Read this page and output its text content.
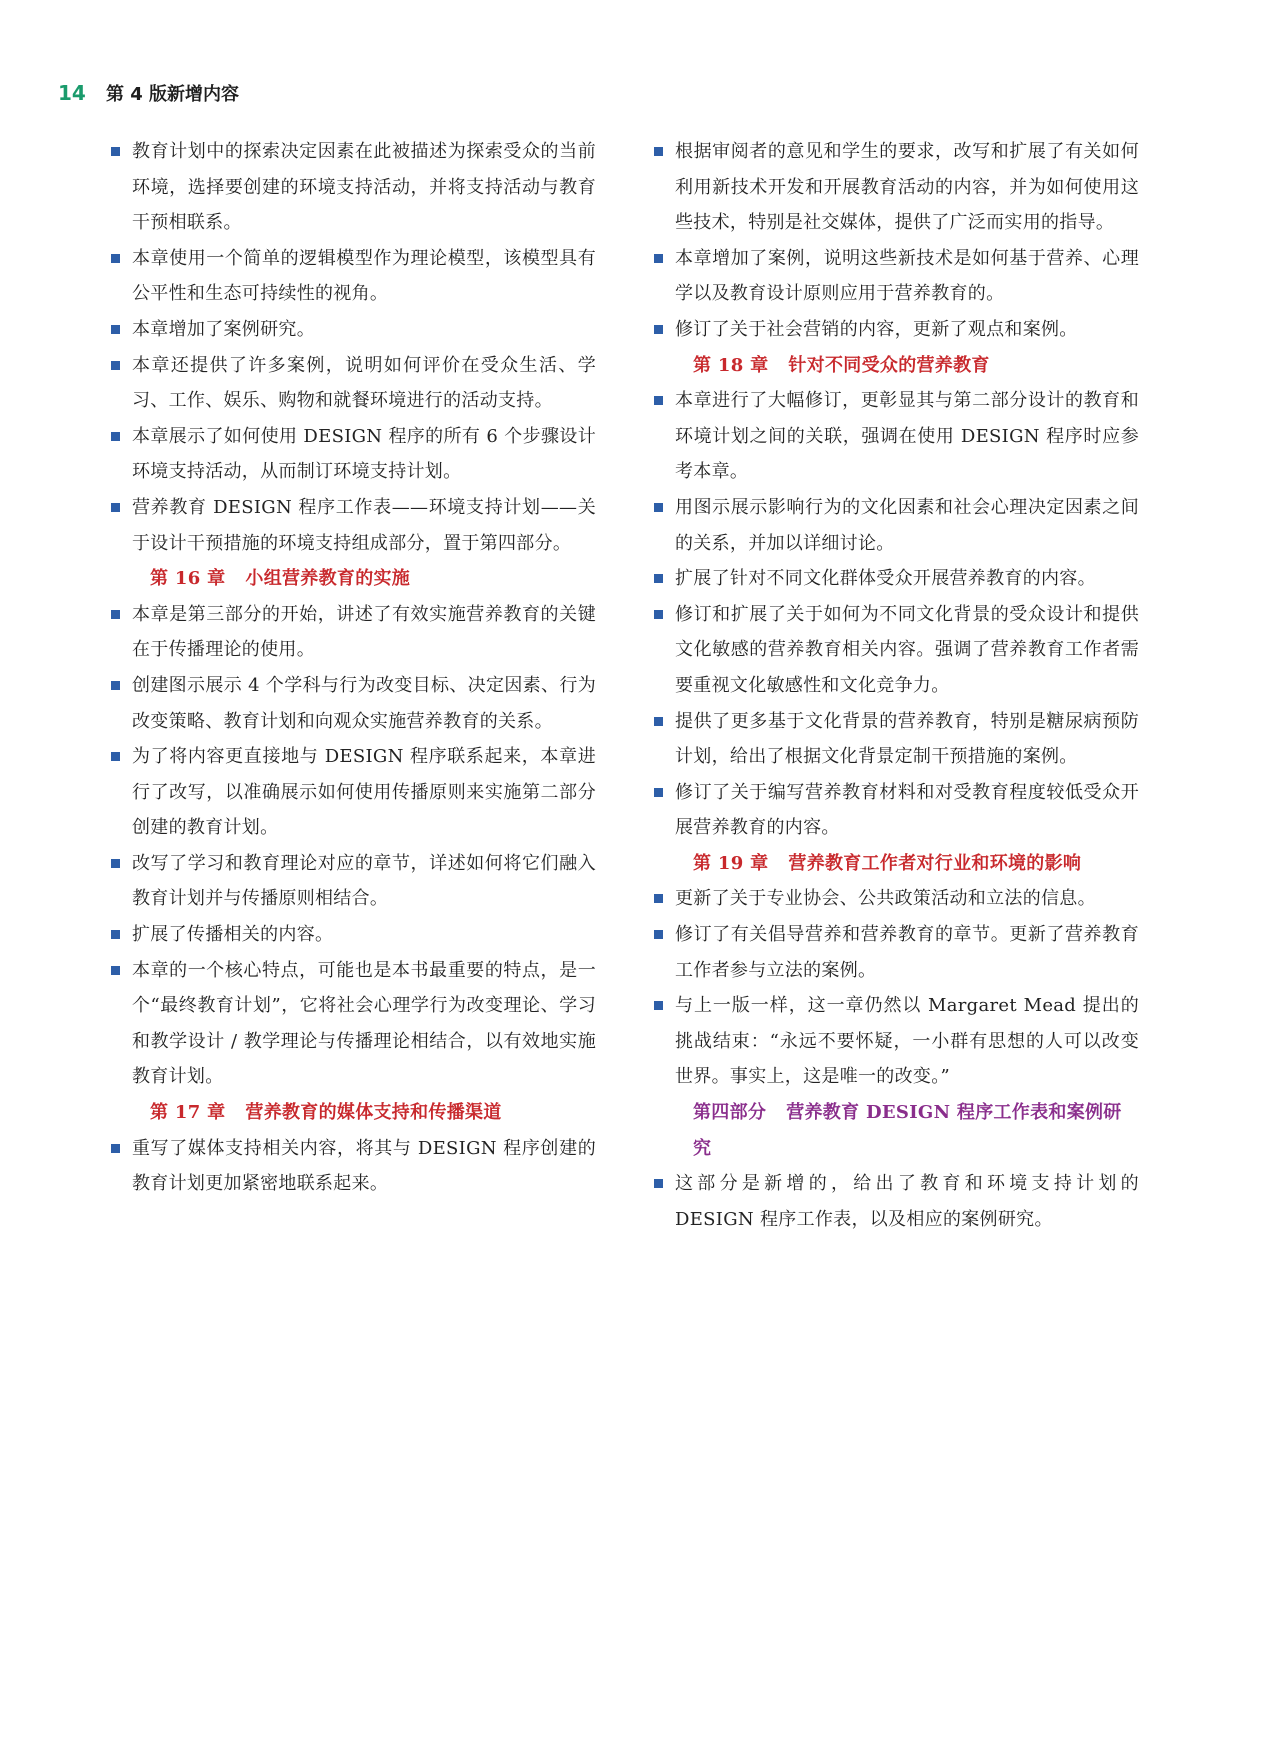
14	第 4 版新增内容
教育计划中的探索决定因素在此被描述为探索受众的当前环境，选择要创建的环境支持活动，并将支持活动与教育干预相联系。
本章使用一个简单的逻辑模型作为理论模型，该模型具有公平性和生态可持续性的视角。
本章增加了案例研究。
本章还提供了许多案例，说明如何评价在受众生活、学习、工作、娱乐、购物和就餐环境进行的活动支持。
本章展示了如何使用 DESIGN 程序的所有 6 个步骤设计环境支持活动，从而制订环境支持计划。
营养教育 DESIGN 程序工作表——环境支持计划——关于设计干预措施的环境支持组成部分，置于第四部分。
第 16 章 小组营养教育的实施
本章是第三部分的开始，讲述了有效实施营养教育的关键在于传播理论的使用。
创建图示展示 4 个学科与行为改变目标、决定因素、行为改变策略、教育计划和向观众实施营养教育的关系。
为了将内容更直接地与 DESIGN 程序联系起来，本章进行了改写，以准确展示如何使用传播原则来实施第二部分创建的教育计划。
改写了学习和教育理论对应的章节，详述如何将它们融入教育计划并与传播原则相结合。
扩展了传播相关的内容。
本章的一个核心特点，可能也是本书最重要的特点，是一个“最终教育计划”，它将社会心理学行为改变理论、学习和教学设计 / 教学理论与传播理论相结合，以有效地实施教育计划。
第 17 章 营养教育的媒体支持和传播渠道
重写了媒体支持相关内容，将其与 DESIGN 程序创建的教育计划更加紧密地联系起来。
根据审阅者的意见和学生的要求，改写和扩展了有关如何利用新技术开发和开展教育活动的内容，并为如何使用这些技术，特别是社交媒体，提供了广泛而实用的指导。
本章增加了案例，说明这些新技术是如何基于营养、心理学以及教育设计原则应用于营养教育的。
修订了关于社会营销的内容，更新了观点和案例。
第 18 章 针对不同受众的营养教育
本章进行了大幅修订，更彰显其与第二部分设计的教育和环境计划之间的关联，强调在使用 DESIGN 程序时应参考本章。
用图示展示影响行为的文化因素和社会心理决定因素之间的关系，并加以详细讨论。
扩展了针对不同文化群体受众开展营养教育的内容。
修订和扩展了关于如何为不同文化背景的受众设计和提供文化敏感的营养教育相关内容。强调了营养教育工作者需要重视文化敏感性和文化竞争力。
提供了更多基于文化背景的营养教育，特别是糖尿病预防计划，给出了根据文化背景定制干预措施的案例。
修订了关于编写营养教育材料和对受教育程度较低受众开展营养教育的内容。
第 19 章 营养教育工作者对行业和环境的影响
更新了关于专业协会、公共政策活动和立法的信息。
修订了有关倡导营养和营养教育的章节。更新了营养教育工作者参与立法的案例。
与上一版一样，这一章仍然以 Margaret Mead 提出的挑战结束：“永远不要怀疑，一小群有思想的人可以改变世界。事实上，这是唯一的改变。”
第四部分 营养教育 DESIGN 程序工作表和案例研究
这部分是新增的，给出了教育和环境支持计划的 DESIGN 程序工作表，以及相应的案例研究。
